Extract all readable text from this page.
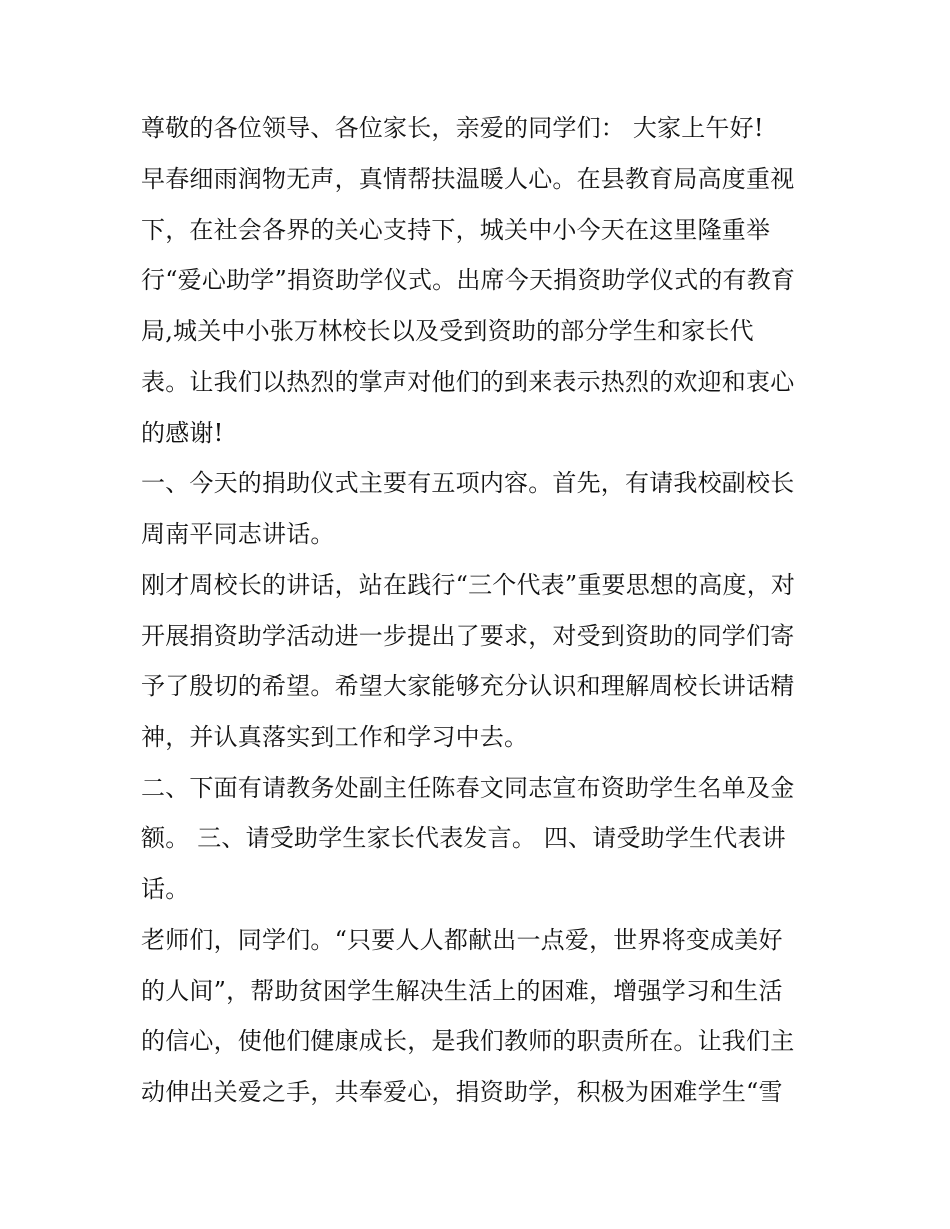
尊敬的各位领导、各位家长，亲爱的同学们： 大家上午好!
早春细雨润物无声，真情帮扶温暖人心。在县教育局高度重视
下，在社会各界的关心支持下，城关中小今天在这里隆重举
行“爱心助学”捐资助学仪式。出席今天捐资助学仪式的有教育
局,城关中小张万林校长以及受到资助的部分学生和家长代
表。让我们以热烈的掌声对他们的到来表示热烈的欢迎和衷心
的感谢!
一、今天的捐助仪式主要有五项内容。首先，有请我校副校长
周南平同志讲话。
刚才周校长的讲话，站在践行“三个代表”重要思想的高度，对
开展捐资助学活动进一步提出了要求，对受到资助的同学们寄
予了殷切的希望。希望大家能够充分认识和理解周校长讲话精
神，并认真落实到工作和学习中去。
二、下面有请教务处副主任陈春文同志宣布资助学生名单及金
额。 三、请受助学生家长代表发言。 四、请受助学生代表讲
话。
老师们，同学们。“只要人人都献出一点爱，世界将变成美好
的人间”，帮助贫困学生解决生活上的困难，增强学习和生活
的信心，使他们健康成长，是我们教师的职责所在。让我们主
动伸出关爱之手，共奉爱心，捐资助学，积极为困难学生“雪
